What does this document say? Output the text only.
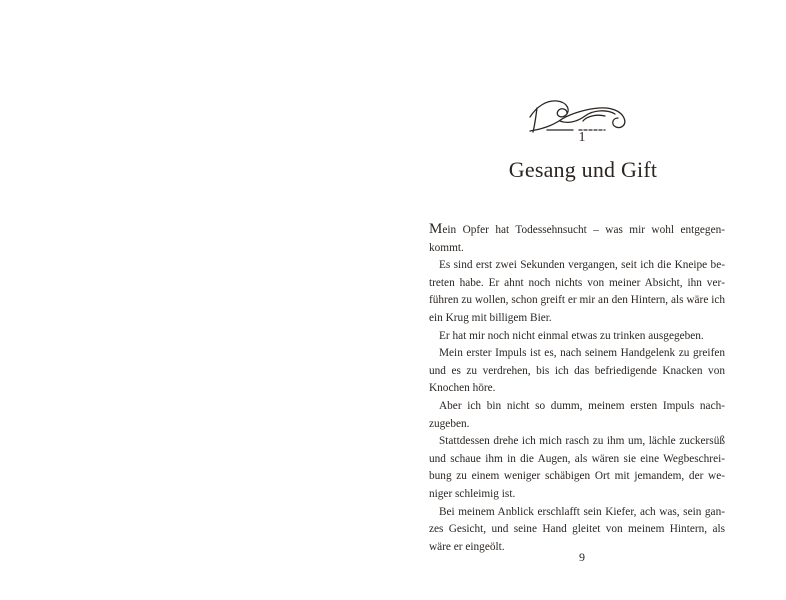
1
Gesang und Gift

Mein Opfer hat Todessehnsucht – was mir wohl entgegenkommt.

Es sind erst zwei Sekunden vergangen, seit ich die Kneipe betreten habe. Er ahnt noch nichts von meiner Absicht, ihn verführen zu wollen, schon greift er mir an den Hintern, als wäre ich ein Krug mit billigem Bier.

Er hat mir noch nicht einmal etwas zu trinken ausgegeben.

Mein erster Impuls ist es, nach seinem Handgelenk zu greifen und es zu verdrehen, bis ich das befriedigende Knacken von Knochen höre.

Aber ich bin nicht so dumm, meinem ersten Impuls nachzugeben.

Stattdessen drehe ich mich rasch zu ihm um, lächle zuckersüß und schaue ihm in die Augen, als wären sie eine Wegbeschreibung zu einem weniger schäbigen Ort mit jemandem, der weniger schleimig ist.

Bei meinem Anblick erschlafft sein Kiefer, ach was, sein ganzes Gesicht, und seine Hand gleitet von meinem Hintern, als wäre er eingeölt.

9
